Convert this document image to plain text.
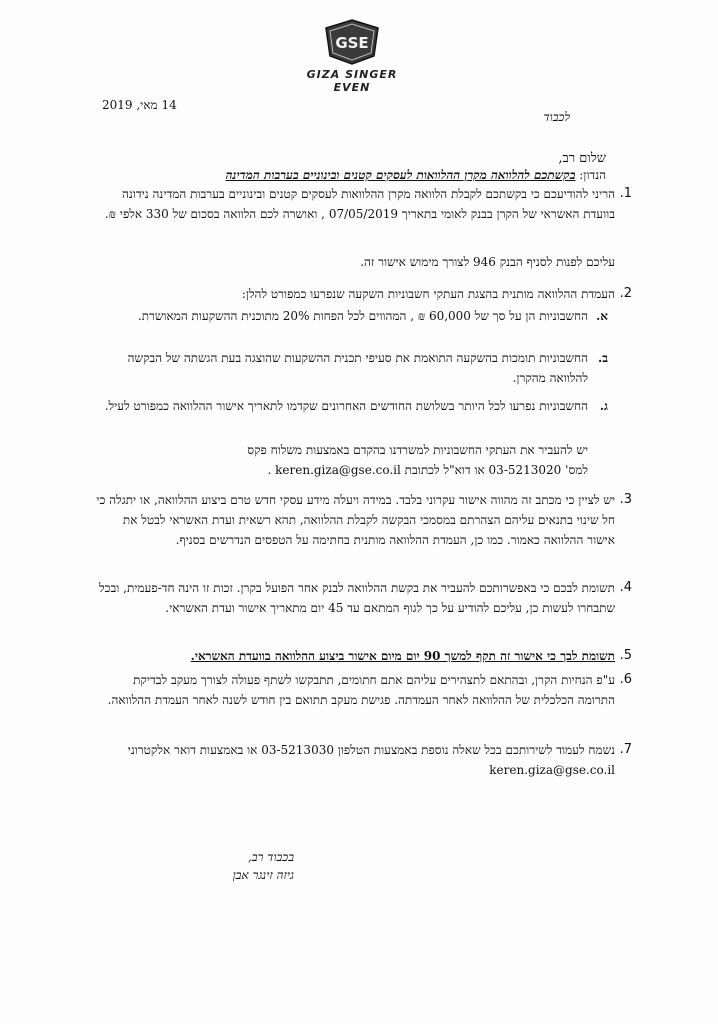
GSE
GIZA SINGER EVEN
14 מאי, 2019
לכבוד
שלום רב,
הנדון: בקשתכם להלוואה מקרן ההלוואות לעסקים קטנים ובינוניים בערבות המדינה
1.
הריני להודיעכם כי בקשתכם לקבלת הלוואה מקרן ההלוואות לעסקים קטנים ובינוניים בערבות המדינה נידונה בוועדת האשראי של הקרן בבנק לאומי בתאריך 07/05/2019 , ואושרה לכם הלוואה בסכום של 330 אלפי ₪.
עליכם לפנות לסניף הבנק 946 לצורך מימוש אישור זה.
2.
העמדת ההלוואה מותנית בהצגת העתקי חשבוניות השקעה שנפרעו כמפורט להלן:
א.
החשבוניות הן על סך של 60,000 ₪ , המהווים לכל הפחות 20% מתוכנית ההשקעות המאושרת.
ב.
החשבוניות תומכות בהשקעה התואמת את סעיפי תכנית ההשקעות שהוצגה בעת הגשתה של הבקשה להלוואה מהקרן.
ג.
החשבוניות נפרעו לכל היותר בשלושת החודשים האחרונים שקדמו לתאריך אישור ההלוואה כמפורט לעיל.
יש להעביר את העתקי החשבוניות למשרדנו בהקדם באמצעות משלוח פקס
למס' 03-5213020 או דוא"ל לכתובת keren.giza@gse.co.il .
3.
יש לציין כי מכתב זה מהווה אישור עקרוני בלבד. במידה ויעלה מידע עסקי חדש טרם ביצוע ההלוואה, או יתגלה כי חל שינוי בתנאים עליהם הצהרתם במסמכי הבקשה לקבלת ההלוואה, תהא רשאית ועדת האשראי לבטל את אישור ההלוואה כאמור. כמו כן, העמדת ההלוואה מותנית בחתימה על הטפסים הנדרשים בסניף.
4.
תשומת לבכם כי באפשרותכם להעביר את בקשת ההלוואה לבנק אחר הפועל בקרן. זכות זו הינה חד-פעמית, ובכל שתבחרו לעשות כן, עליכם להודיע על כך לגוף המתאם עד 45 יום מתאריך אישור ועדת האשראי.
5.
תשומת לבך כי אישור זה תקף למשך 90 יום מיום אישור ביצוע ההלוואה בוועדת האשראי.
6.
ע"פ הנחיות הקרן, ובהתאם לתצהירים עליהם אתם חתומים, תתבקשו לשתף פעולה לצורך מעקב לבדיקת התרומה הכלכלית של ההלוואה לאחר העמדתה. פגישת מעקב תתואם בין חודש לשנה לאחר העמדת ההלוואה.
7.
נשמח לעמוד לשירותכם בכל שאלה נוספת באמצעות הטלפון 03-5213030 או באמצעות דואר אלקטרוני
keren.giza@gse.co.il
בכבוד רב,
גיזה זינגר אבן
